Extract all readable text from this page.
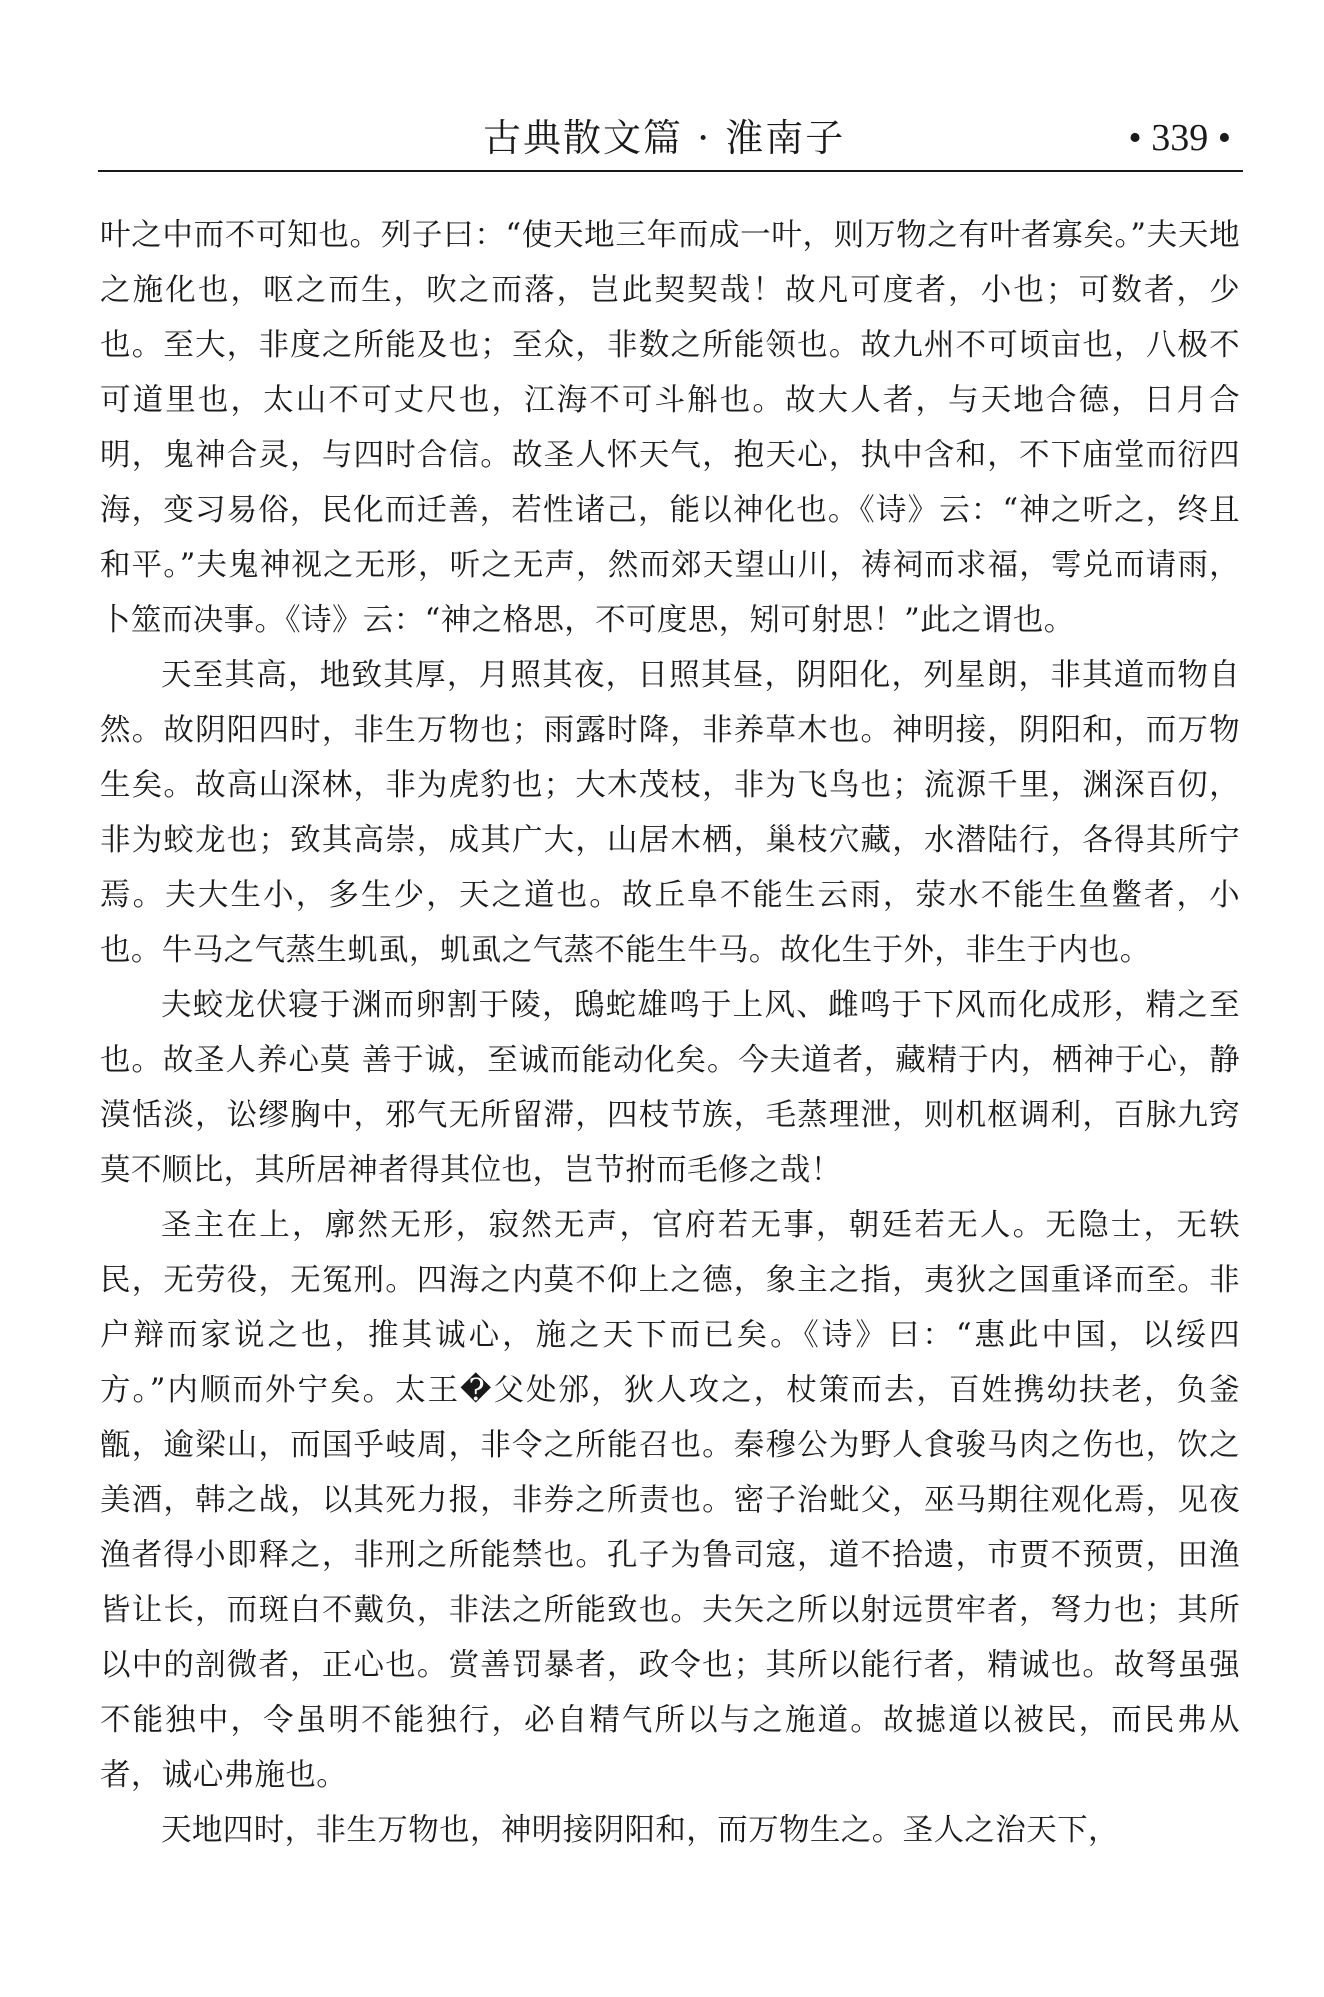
古典散文篇 · 淮南子	• 339 •

叶之中而不可知也。列子曰：“使天地三年而成一叶，则万物之有叶者寡矣。”夫天地之施化也，呕之而生，吹之而落，岂此契契哉！故凡可度者，小也；可数者，少也。至大，非度之所能及也；至众，非数之所能领也。故九州不可顷亩也，八极不可道里也，太山不可丈尺也，江海不可斗斛也。故大人者，与天地合德，日月合明，鬼神合灵，与四时合信。故圣人怀天气，抱天心，执中含和，不下庙堂而衍四海，变习易俗，民化而迁善，若性诸己，能以神化也。《诗》云：“神之听之，终且和平。”夫鬼神视之无形，听之无声，然而郊天望山川，祷祠而求福，雩兑而请雨，卜筮而决事。《诗》云：“神之格思，不可度思，矧可射思！”此之谓也。

天至其高，地致其厚，月照其夜，日照其昼，阴阳化，列星朗，非其道而物自然。故阴阳四时，非生万物也；雨露时降，非养草木也。神明接，阴阳和，而万物生矣。故高山深林，非为虎豹也；大木茂枝，非为飞鸟也；流源千里，渊深百仞，非为蛟龙也；致其高崇，成其广大，山居木栖，巢枝穴藏，水潜陆行，各得其所宁焉。夫大生小，多生少，天之道也。故丘阜不能生云雨，荥水不能生鱼鳖者，小也。牛马之气蒸生虮虱，虮虱之气蒸不能生牛马。故化生于外，非生于内也。

夫蛟龙伏寝于渊而卵割于陵，䲭蛇雄鸣于上风、雌鸣于下风而化成形，精之至也。故圣人养心莫 善于诚，至诚而能动化矣。今夫道者，藏精于内，栖神于心，静漠恬淡，讼缪胸中，邪气无所留滞，四枝节族，毛蒸理泄，则机枢调利，百脉九窍莫不顺比，其所居神者得其位也，岂节拊而毛修之哉！

圣主在上，廓然无形，寂然无声，官府若无事，朝廷若无人。无隐士，无轶民，无劳役，无冤刑。四海之内莫不仰上之德，象主之指，夷狄之国重译而至。非户辩而家说之也，推其诚心，施之天下而已矣。《诗》曰：“惠此中国，以绥四方。”内顺而外宁矣。太王�父处邠，狄人攻之，杖策而去，百姓携幼扶老，负釜甑，逾梁山，而国乎岐周，非令之所能召也。秦穆公为野人食骏马肉之伤也，饮之美酒，韩之战，以其死力报，非券之所责也。密子治蚍父，巫马期往观化焉，见夜渔者得小即释之，非刑之所能禁也。孔子为鲁司寇，道不拾遗，市贾不预贾，田渔皆让长，而斑白不戴负，非法之所能致也。夫矢之所以射远贯牢者，弩力也；其所以中的剖微者，正心也。赏善罚暴者，政令也；其所以能行者，精诚也。故弩虽强不能独中，令虽明不能独行，必自精气所以与之施道。故摅道以被民，而民弗从者，诚心弗施也。

天地四时，非生万物也，神明接阴阳和，而万物生之。圣人之治天下，
